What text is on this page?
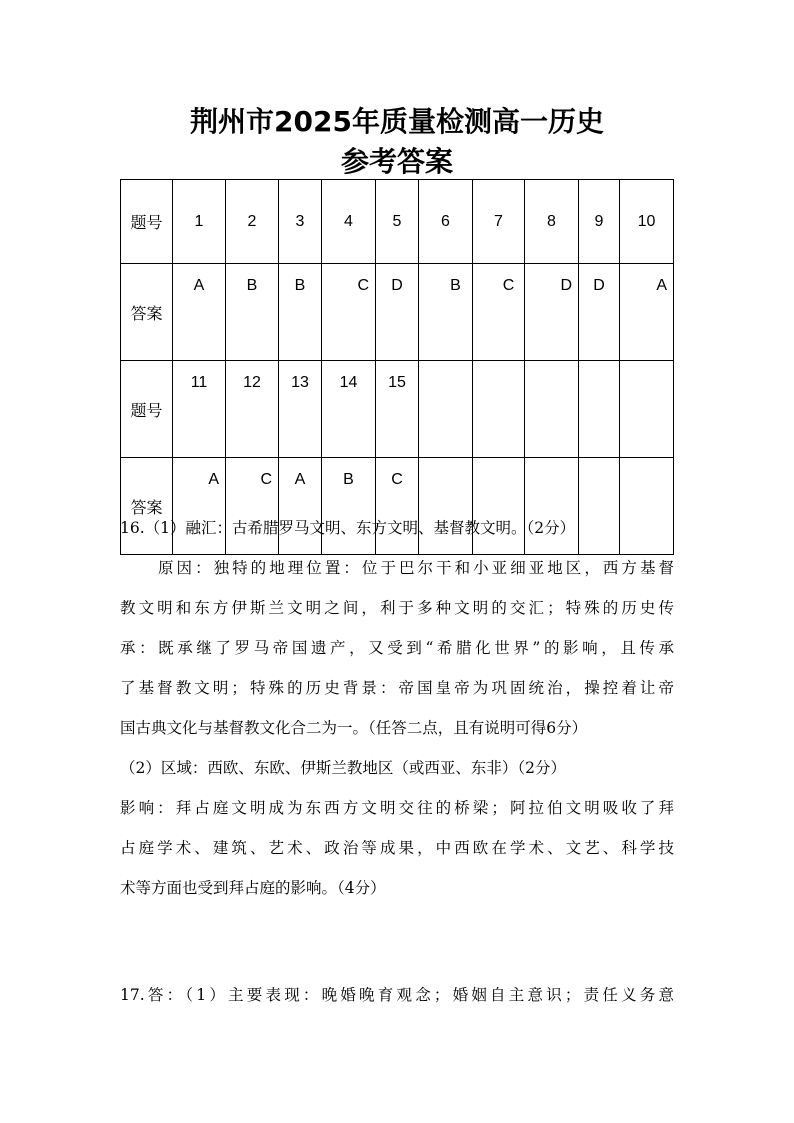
荆州市2025年质量检测高一历史
参考答案
题号	1	2	3	4	5	6	7	8	9	10
答案	A	B	B	C	D	B	C	D	D	A
题号	11	12	13	14	15					
答案	A	C	A	B	C					
16.（1）融汇：古希腊罗马文明、东方文明、基督教文明。（2分）
原因：独特的地理位置：位于巴尔干和小亚细亚地区，西方基督
教文明和东方伊斯兰文明之间，利于多种文明的交汇；特殊的历史传
承：既承继了罗马帝国遗产，又受到“希腊化世界”的影响，且传承
了基督教文明；特殊的历史背景：帝国皇帝为巩固统治，操控着让帝
国古典文化与基督教文化合二为一。（任答二点，且有说明可得6分）
（2）区域：西欧、东欧、伊斯兰教地区（或西亚、东非）（2分）
影响：拜占庭文明成为东西方文明交往的桥梁；阿拉伯文明吸收了拜
占庭学术、建筑、艺术、政治等成果，中西欧在学术、文艺、科学技
术等方面也受到拜占庭的影响。（4分）
17.答：（1）主要表现：晚婚晚育观念；婚姻自主意识；责任义务意
